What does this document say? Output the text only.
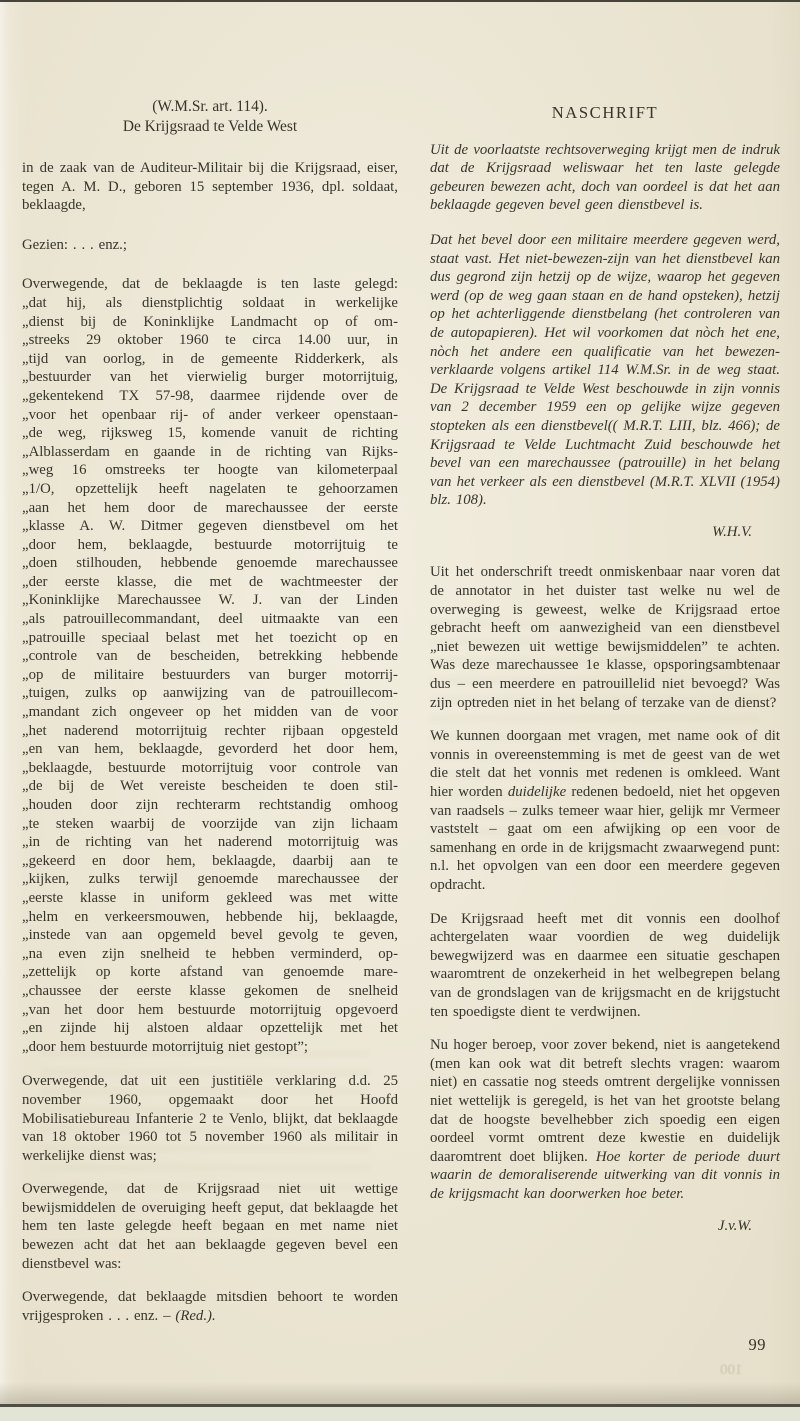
(W.M.Sr. art. 114).
De Krijgsraad te Velde West

in de zaak van de Auditeur-Militair bij die Krijgsraad, eiser, tegen A. M. D., geboren 15 september 1936, dpl. soldaat, beklaagde,

Gezien: . . . enz.;

Overwegende, dat de beklaagde is ten laste gelegd:
„dat hij, als dienstplichtig soldaat in werkelijke
„dienst bij de Koninklijke Landmacht op of om-
„streeks 29 oktober 1960 te circa 14.00 uur, in
„tijd van oorlog, in de gemeente Ridderkerk, als
„bestuurder van het vierwielig burger motorrijtuig,
„gekentekend TX 57-98, daarmee rijdende over de
„voor het openbaar rij- of ander verkeer openstaan-
„de weg, rijksweg 15, komende vanuit de richting
„Alblasserdam en gaande in de richting van Rijks-
„weg 16 omstreeks ter hoogte van kilometerpaal
„1/O, opzettelijk heeft nagelaten te gehoorzamen
„aan het hem door de marechaussee der eerste
„klasse A. W. Ditmer gegeven dienstbevel om het
„door hem, beklaagde, bestuurde motorrijtuig te
„doen stilhouden, hebbende genoemde marechaussee
„der eerste klasse, die met de wachtmeester der
„Koninklijke Marechaussee W. J. van der Linden
„als patrouillecommandant, deel uitmaakte van een
„patrouille speciaal belast met het toezicht op en
„controle van de bescheiden, betrekking hebbende
„op de militaire bestuurders van burger motorrij-
„tuigen, zulks op aanwijzing van de patrouillecom-
„mandant zich ongeveer op het midden van de voor
„het naderend motorrijtuig rechter rijbaan opgesteld
„en van hem, beklaagde, gevorderd het door hem,
„beklaagde, bestuurde motorrijtuig voor controle van
„de bij de Wet vereiste bescheiden te doen stil-
„houden door zijn rechterarm rechtstandig omhoog
„te steken waarbij de voorzijde van zijn lichaam
„in de richting van het naderend motorrijtuig was
„gekeerd en door hem, beklaagde, daarbij aan te
„kijken, zulks terwijl genoemde marechaussee der
„eerste klasse in uniform gekleed was met witte
„helm en verkeersmouwen, hebbende hij, beklaagde,
„instede van aan opgemeld bevel gevolg te geven,
„na even zijn snelheid te hebben verminderd, op-
„zettelijk op korte afstand van genoemde mare-
„chaussee der eerste klasse gekomen de snelheid
„van het door hem bestuurde motorrijtuig opgevoerd
„en zijnde hij alstoen aldaar opzettelijk met het
„door hem bestuurde motorrijtuig niet gestopt”;

Overwegende, dat uit een justitiële verklaring d.d. 25 november 1960, opgemaakt door het Hoofd Mobilisatiebureau Infanterie 2 te Venlo, blijkt, dat beklaagde van 18 oktober 1960 tot 5 november 1960 als militair in werkelijke dienst was;

Overwegende, dat de Krijgsraad niet uit wettige bewijsmiddelen de overuiging heeft geput, dat beklaagde het hem ten laste gelegde heeft begaan en met name niet bewezen acht dat het aan beklaagde gegeven bevel een dienstbevel was:

Overwegende, dat beklaagde mitsdien behoort te worden vrijgesproken . . . enz. – (Red.).

NASCHRIFT

Uit de voorlaatste rechtsoverweging krijgt men de indruk dat de Krijgsraad weliswaar het ten laste gelegde gebeuren bewezen acht, doch van oordeel is dat het aan beklaagde gegeven bevel geen dienstbevel is.

Dat het bevel door een militaire meerdere gegeven werd, staat vast. Het niet-bewezen-zijn van het dienstbevel kan dus gegrond zijn hetzij op de wijze, waarop het gegeven werd (op de weg gaan staan en de hand opsteken), hetzij op het achterliggende dienstbelang (het controleren van de autopapieren). Het wil voorkomen dat nòch het ene, nòch het andere een qualificatie van het bewezen-verklaarde volgens artikel 114 W.M.Sr. in de weg staat. De Krijgsraad te Velde West beschouwde in zijn vonnis van 2 december 1959 een op gelijke wijze gegeven stopteken als een dienstbevel(( M.R.T. LIII, blz. 466); de Krijgsraad te Velde Luchtmacht Zuid beschouwde het bevel van een marechaussee (patrouille) in het belang van het verkeer als een dienstbevel (M.R.T. XLVII (1954) blz. 108).

W.H.V.

Uit het onderschrift treedt onmiskenbaar naar voren dat de annotator in het duister tast welke nu wel de overweging is geweest, welke de Krijgsraad ertoe gebracht heeft om aanwezigheid van een dienstbevel „niet bewezen uit wettige bewijsmiddelen” te achten. Was deze marechaussee 1e klasse, opsporingsambtenaar dus – een meerdere en patrouillelid niet bevoegd? Was zijn optreden niet in het belang of terzake van de dienst?

We kunnen doorgaan met vragen, met name ook of dit vonnis in overeenstemming is met de geest van de wet die stelt dat het vonnis met redenen is omkleed. Want hier worden duidelijke redenen bedoeld, niet het opgeven van raadsels – zulks temeer waar hier, gelijk mr Vermeer vaststelt – gaat om een afwijking op een voor de samenhang en orde in de krijgsmacht zwaarwegend punt: n.l. het opvolgen van een door een meerdere gegeven opdracht.

De Krijgsraad heeft met dit vonnis een doolhof achtergelaten waar voordien de weg duidelijk bewegwijzerd was en daarmee een situatie geschapen waaromtrent de onzekerheid in het welbegrepen belang van de grondslagen van de krijgsmacht en de krijgstucht ten spoedigste dient te verdwijnen.

Nu hoger beroep, voor zover bekend, niet is aangetekend (men kan ook wat dit betreft slechts vragen: waarom niet) en cassatie nog steeds omtrent dergelijke vonnissen niet wettelijk is geregeld, is het van het grootste belang dat de hoogste bevelhebber zich spoedig een eigen oordeel vormt omtrent deze kwestie en duidelijk daaromtrent doet blijken. Hoe korter de periode duurt waarin de demoraliserende uitwerking van dit vonnis in de krijgsmacht kan doorwerken hoe beter.

J.v.W.
99
100
